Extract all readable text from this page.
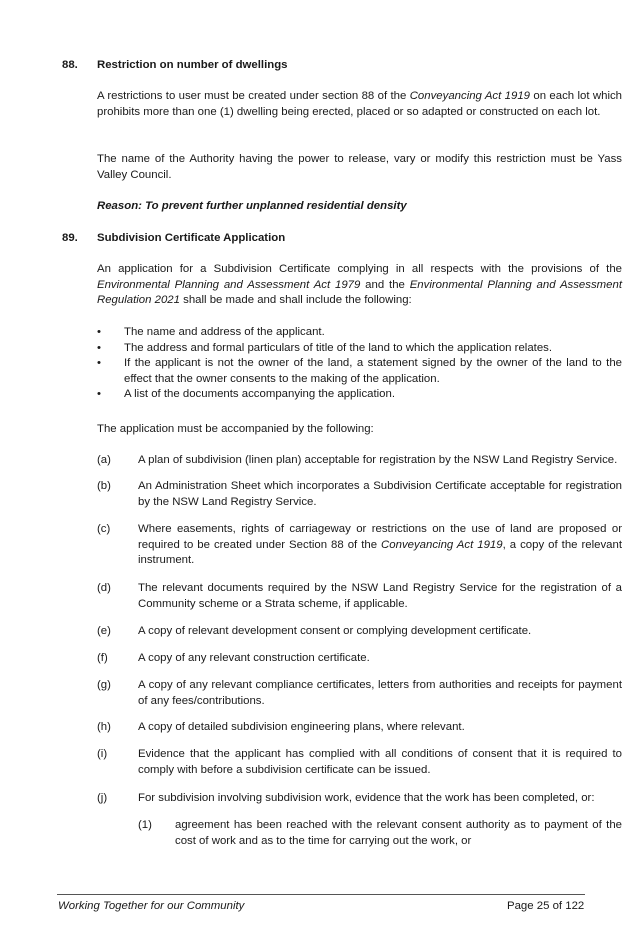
88. Restriction on number of dwellings

A restrictions to user must be created under section 88 of the Conveyancing Act 1919 on each lot which prohibits more than one (1) dwelling being erected, placed or so adapted or constructed on each lot.

The name of the Authority having the power to release, vary or modify this restriction must be Yass Valley Council.

Reason: To prevent further unplanned residential density
89. Subdivision Certificate Application

An application for a Subdivision Certificate complying in all respects with the provisions of the Environmental Planning and Assessment Act 1979 and the Environmental Planning and Assessment Regulation 2021 shall be made and shall include the following:

• The name and address of the applicant.
• The address and formal particulars of title of the land to which the application relates.
• If the applicant is not the owner of the land, a statement signed by the owner of the land to the effect that the owner consents to the making of the application.
• A list of the documents accompanying the application.

The application must be accompanied by the following:

(a) A plan of subdivision (linen plan) acceptable for registration by the NSW Land Registry Service.
(b) An Administration Sheet which incorporates a Subdivision Certificate acceptable for registration by the NSW Land Registry Service.
(c) Where easements, rights of carriageway or restrictions on the use of land are proposed or required to be created under Section 88 of the Conveyancing Act 1919, a copy of the relevant instrument.
(d) The relevant documents required by the NSW Land Registry Service for the registration of a Community scheme or a Strata scheme, if applicable.
(e) A copy of relevant development consent or complying development certificate.
(f)	A copy of any relevant construction certificate.
(g) A copy of any relevant compliance certificates, letters from authorities and receipts for payment of any fees/contributions.
(h) A copy of detailed subdivision engineering plans, where relevant.
(i)	Evidence that the applicant has complied with all conditions of consent that it is required to comply with before a subdivision certificate can be issued.
(j)	For subdivision involving subdivision work, evidence that the work has been completed, or:
(1) agreement has been reached with the relevant consent authority as to payment of the cost of work and as to the time for carrying out the work, or
Working Together for our Community	Page 25 of 122
